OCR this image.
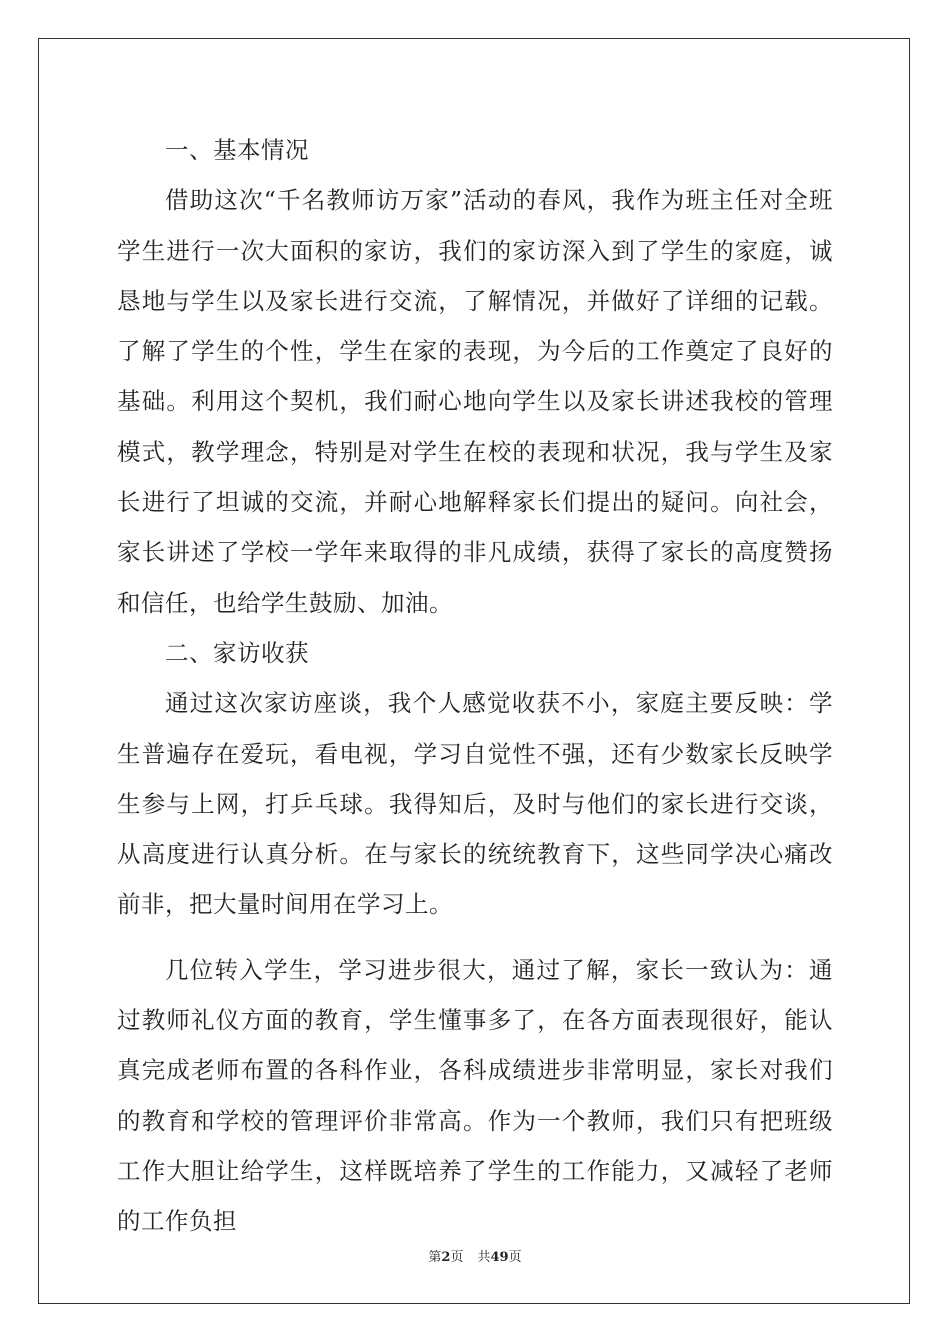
一、基本情况

借助这次“千名教师访万家”活动的春风，我作为班主任对全班学生进行一次大面积的家访，我们的家访深入到了学生的家庭，诚恳地与学生以及家长进行交流，了解情况，并做好了详细的记载。了解了学生的个性，学生在家的表现，为今后的工作奠定了良好的基础。利用这个契机，我们耐心地向学生以及家长讲述我校的管理模式，教学理念，特别是对学生在校的表现和状况，我与学生及家长进行了坦诚的交流，并耐心地解释家长们提出的疑问。向社会，家长讲述了学校一学年来取得的非凡成绩，获得了家长的高度赞扬和信任，也给学生鼓励、加油。

二、家访收获

通过这次家访座谈，我个人感觉收获不小，家庭主要反映：学生普遍存在爱玩，看电视，学习自觉性不强，还有少数家长反映学生参与上网，打乒乓球。我得知后，及时与他们的家长进行交谈，从高度进行认真分析。在与家长的统统教育下，这些同学决心痛改前非，把大量时间用在学习上。

几位转入学生，学习进步很大，通过了解，家长一致认为：通过教师礼仪方面的教育，学生懂事多了，在各方面表现很好，能认真完成老师布置的各科作业，各科成绩进步非常明显，家长对我们的教育和学校的管理评价非常高。作为一个教师，我们只有把班级工作大胆让给学生，这样既培养了学生的工作能力，又减轻了老师的工作负担

第2页 共49页
